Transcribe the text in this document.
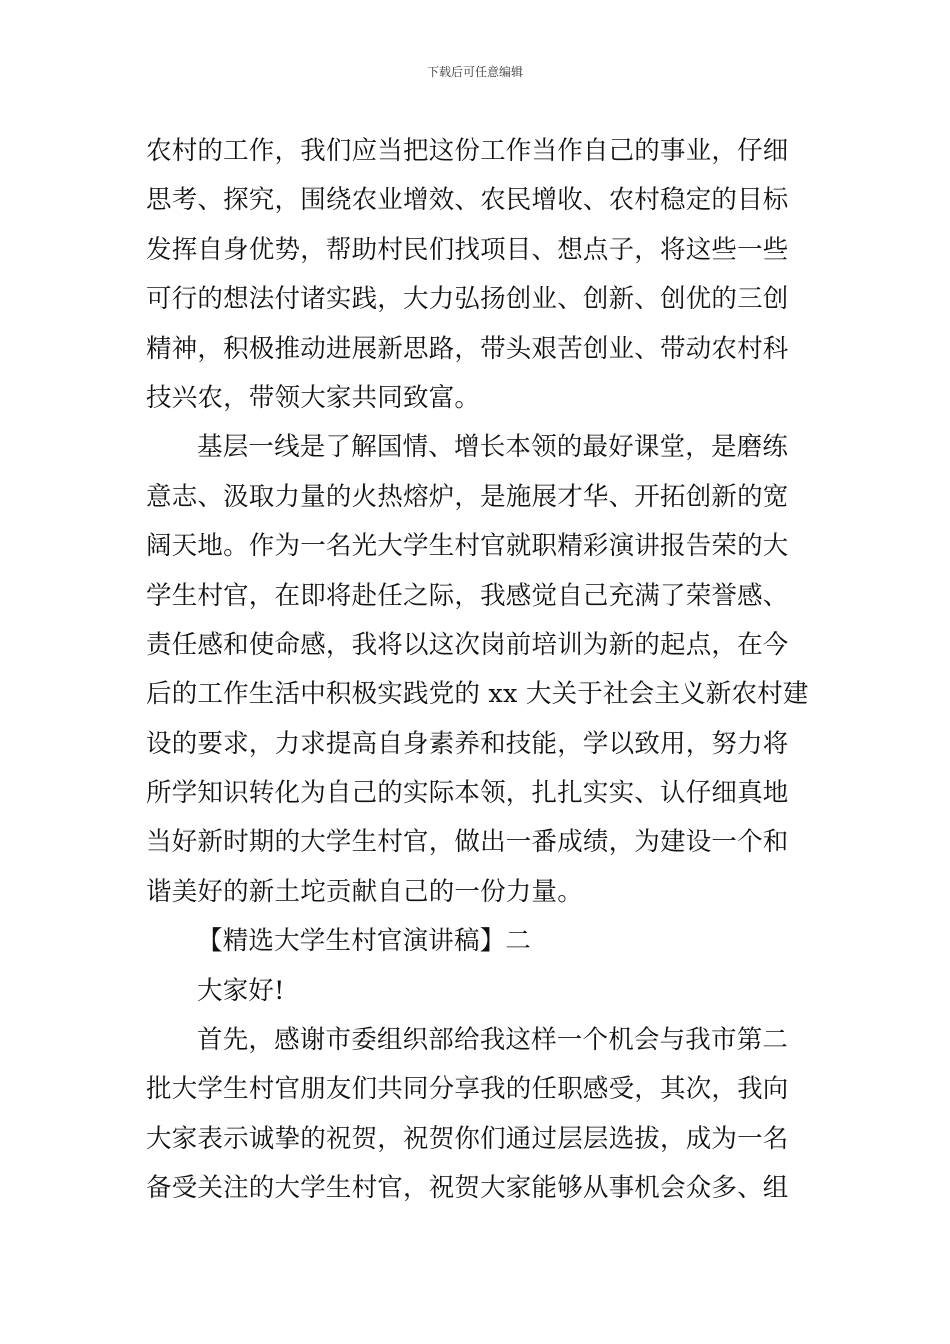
下载后可任意编辑
农村的工作，我们应当把这份工作当作自己的事业，仔细
思考、探究，围绕农业增效、农民增收、农村稳定的目标
发挥自身优势，帮助村民们找项目、想点子，将这些一些
可行的想法付诸实践，大力弘扬创业、创新、创优的三创
精神，积极推动进展新思路，带头艰苦创业、带动农村科
技兴农，带领大家共同致富。
基层一线是了解国情、增长本领的最好课堂，是磨练
意志、汲取力量的火热熔炉，是施展才华、开拓创新的宽
阔天地。作为一名光大学生村官就职精彩演讲报告荣的大
学生村官，在即将赴任之际，我感觉自己充满了荣誉感、
责任感和使命感，我将以这次岗前培训为新的起点，在今
后的工作生活中积极实践党的 xx 大关于社会主义新农村建
设的要求，力求提高自身素养和技能，学以致用，努力将
所学知识转化为自己的实际本领，扎扎实实、认仔细真地
当好新时期的大学生村官，做出一番成绩，为建设一个和
谐美好的新土坨贡献自己的一份力量。
【精选大学生村官演讲稿】二
大家好!
首先，感谢市委组织部给我这样一个机会与我市第二
批大学生村官朋友们共同分享我的任职感受，其次，我向
大家表示诚挚的祝贺，祝贺你们通过层层选拔，成为一名
备受关注的大学生村官，祝贺大家能够从事机会众多、组
